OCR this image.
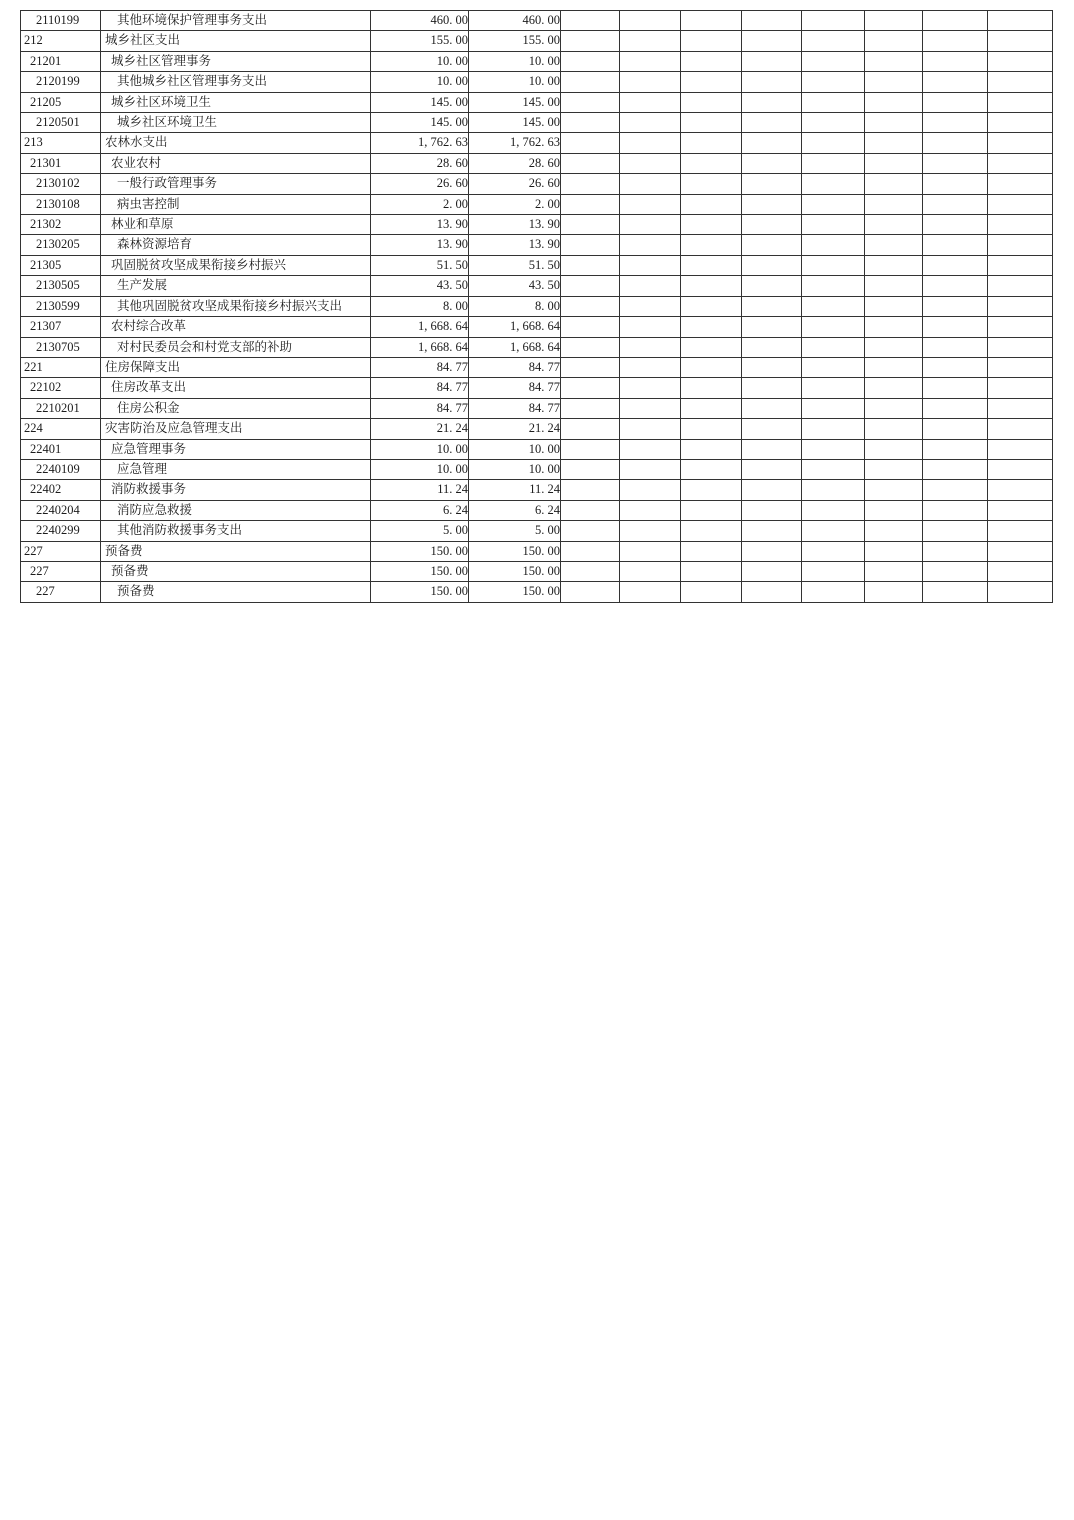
2110199	其他环境保护管理事务支出	460. 00	460. 00								
212	城乡社区支出	155. 00	155. 00								
21201	城乡社区管理事务	10. 00	10. 00								
2120199	其他城乡社区管理事务支出	10. 00	10. 00								
21205	城乡社区环境卫生	145. 00	145. 00								
2120501	城乡社区环境卫生	145. 00	145. 00								
213	农林水支出	1, 762. 63	1, 762. 63								
21301	农业农村	28. 60	28. 60								
2130102	一般行政管理事务	26. 60	26. 60								
2130108	病虫害控制	2. 00	2. 00								
21302	林业和草原	13. 90	13. 90								
2130205	森林资源培育	13. 90	13. 90								
21305	巩固脱贫攻坚成果衔接乡村振兴	51. 50	51. 50								
2130505	生产发展	43. 50	43. 50								
2130599	其他巩固脱贫攻坚成果衔接乡村振兴支出	8. 00	8. 00								
21307	农村综合改革	1, 668. 64	1, 668. 64								
2130705	对村民委员会和村党支部的补助	1, 668. 64	1, 668. 64								
221	住房保障支出	84. 77	84. 77								
22102	住房改革支出	84. 77	84. 77								
2210201	住房公积金	84. 77	84. 77								
224	灾害防治及应急管理支出	21. 24	21. 24								
22401	应急管理事务	10. 00	10. 00								
2240109	应急管理	10. 00	10. 00								
22402	消防救援事务	11. 24	11. 24								
2240204	消防应急救援	6. 24	6. 24								
2240299	其他消防救援事务支出	5. 00	5. 00								
227	预备费	150. 00	150. 00								
227	预备费	150. 00	150. 00								
227	预备费	150. 00	150. 00								
